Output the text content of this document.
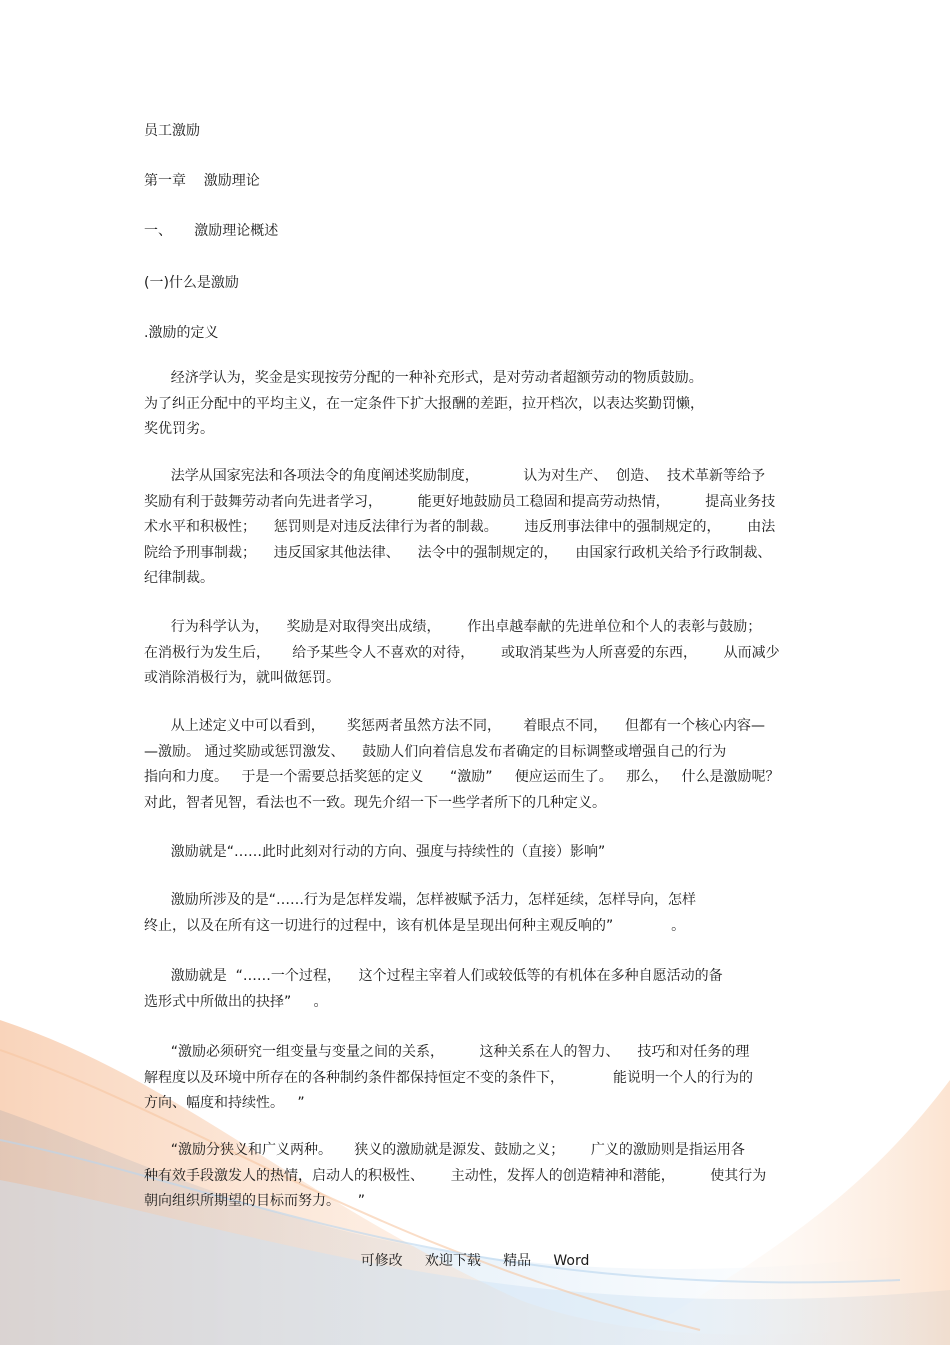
员工激励
第一章    激励理论
一、     激励理论概述
(一)什么是激励
.激励的定义
经济学认为，奖金是实现按劳分配的一种补充形式，是对劳动者超额劳动的物质鼓励。
为了纠正分配中的平均主义，在一定条件下扩大报酬的差距，拉开档次，以表达奖勤罚懒，
奖优罚劣。
法学从国家宪法和各项法令的角度阐述奖励制度，          认为对生产、  创造、  技术革新等给予
奖励有利于鼓舞劳动者向先进者学习，        能更好地鼓励员工稳固和提高劳动热情，        提高业务技
术水平和积极性；    惩罚则是对违反法律行为者的制裁。      违反刑事法律中的强制规定的，      由法
院给予刑事制裁；    违反国家其他法律、    法令中的强制规定的，    由国家行政机关给予行政制裁、
纪律制裁。
行为科学认为，    奖励是对取得突出成绩，      作出卓越奉献的先进单位和个人的表彰与鼓励；
在消极行为发生后，     给予某些令人不喜欢的对待，      或取消某些为人所喜爱的东西，      从而减少
或消除消极行为，就叫做惩罚。
从上述定义中可以看到，     奖惩两者虽然方法不同，     着眼点不同，    但都有一个核心内容—
—激励。 通过奖励或惩罚激发、    鼓励人们向着信息发布者确定的目标调整或增强自己的行为
指向和力度。   于是一个需要总括奖惩的定义      “激励”     便应运而生了。   那么，   什么是激励呢？
对此，智者见智，看法也不一致。现先介绍一下一些学者所下的几种定义。
激励就是“……此时此刻对行动的方向、强度与持续性的（直接）影响”
激励所涉及的是“……行为是怎样发端，怎样被赋予活力，怎样延续，怎样导向，怎样
终止，以及在所有这一切进行的过程中，该有机体是呈现出何种主观反响的”             。
激励就是  “……一个过程，    这个过程主宰着人们或较低等的有机体在多种自愿活动的备
选形式中所做出的抉择”     。
“激励必须研究一组变量与变量之间的关系，        这种关系在人的智力、    技巧和对任务的理
解程度以及环境中所存在的各种制约条件都保持恒定不变的条件下，           能说明一个人的行为的
方向、幅度和持续性。   ”
“激励分狭义和广义两种。     狭义的激励就是源发、鼓励之义；      广义的激励则是指运用各
种有效手段激发人的热情，启动人的积极性、      主动性，发挥人的创造精神和潜能，        使其行为
朝向组织所期望的目标而努力。    ”
可修改     欢迎下载     精品     Word
